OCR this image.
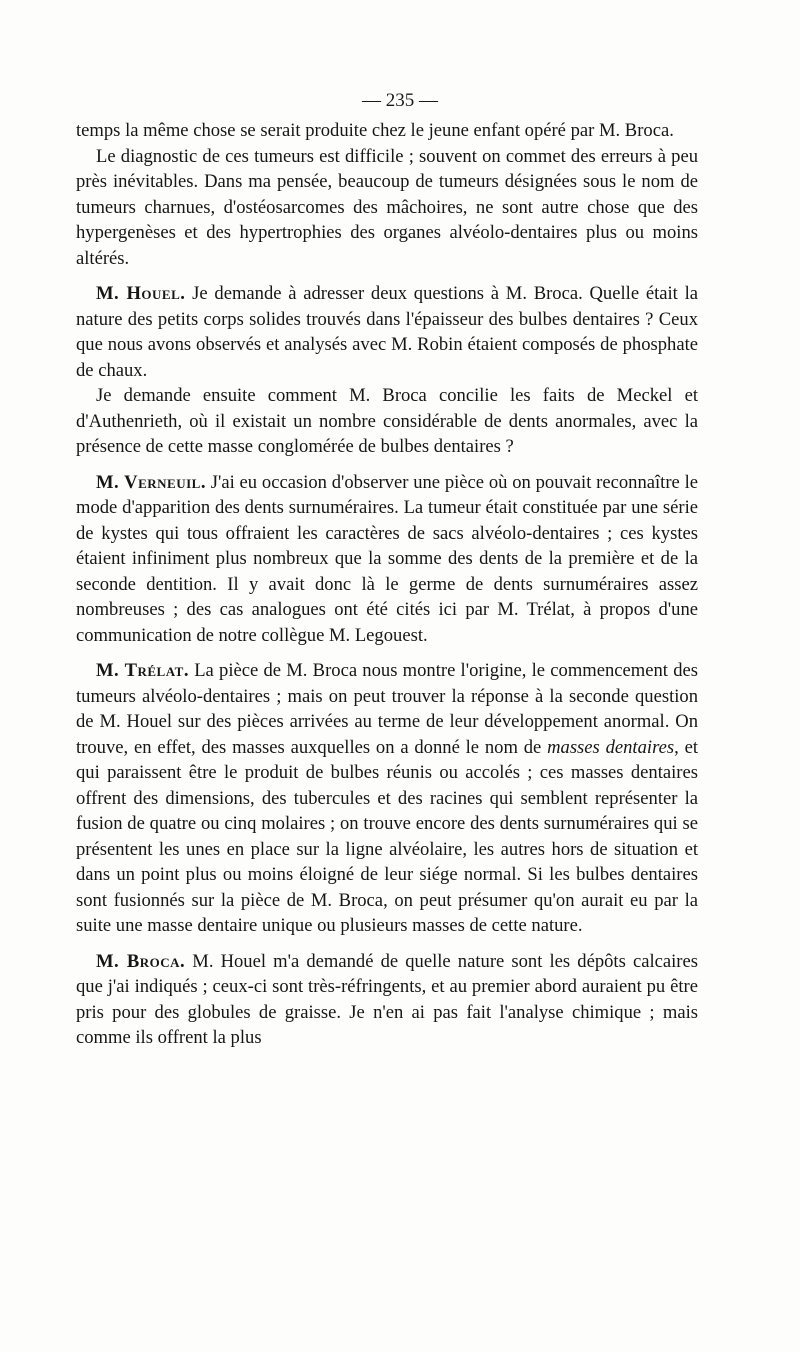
— 235 —

temps la même chose se serait produite chez le jeune enfant opéré par M. Broca.

Le diagnostic de ces tumeurs est difficile ; souvent on commet des erreurs à peu près inévitables. Dans ma pensée, beaucoup de tumeurs désignées sous le nom de tumeurs charnues, d'ostéosarcomes des mâchoires, ne sont autre chose que des hypergenèses et des hypertrophies des organes alvéolo-dentaires plus ou moins altérés.

M. Houel. Je demande à adresser deux questions à M. Broca. Quelle était la nature des petits corps solides trouvés dans l'épaisseur des bulbes dentaires ? Ceux que nous avons observés et analysés avec M. Robin étaient composés de phosphate de chaux.

Je demande ensuite comment M. Broca concilie les faits de Meckel et d'Authenrieth, où il existait un nombre considérable de dents anormales, avec la présence de cette masse conglomérée de bulbes dentaires ?

M. Verneuil. J'ai eu occasion d'observer une pièce où on pouvait reconnaître le mode d'apparition des dents surnuméraires. La tumeur était constituée par une série de kystes qui tous offraient les caractères de sacs alvéolo-dentaires ; ces kystes étaient infiniment plus nombreux que la somme des dents de la première et de la seconde dentition. Il y avait donc là le germe de dents surnuméraires assez nombreuses ; des cas analogues ont été cités ici par M. Trélat, à propos d'une communication de notre collègue M. Legouest.

M. Trélat. La pièce de M. Broca nous montre l'origine, le commencement des tumeurs alvéolo-dentaires ; mais on peut trouver la réponse à la seconde question de M. Houel sur des pièces arrivées au terme de leur développement anormal. On trouve, en effet, des masses auxquelles on a donné le nom de masses dentaires, et qui paraissent être le produit de bulbes réunis ou accolés ; ces masses dentaires offrent des dimensions, des tubercules et des racines qui semblent représenter la fusion de quatre ou cinq molaires ; on trouve encore des dents surnuméraires qui se présentent les unes en place sur la ligne alvéolaire, les autres hors de situation et dans un point plus ou moins éloigné de leur siége normal. Si les bulbes dentaires sont fusionnés sur la pièce de M. Broca, on peut présumer qu'on aurait eu par la suite une masse dentaire unique ou plusieurs masses de cette nature.

M. Broca. M. Houel m'a demandé de quelle nature sont les dépôts calcaires que j'ai indiqués ; ceux-ci sont très-réfringents, et au premier abord auraient pu être pris pour des globules de graisse. Je n'en ai pas fait l'analyse chimique ; mais comme ils offrent la plus
